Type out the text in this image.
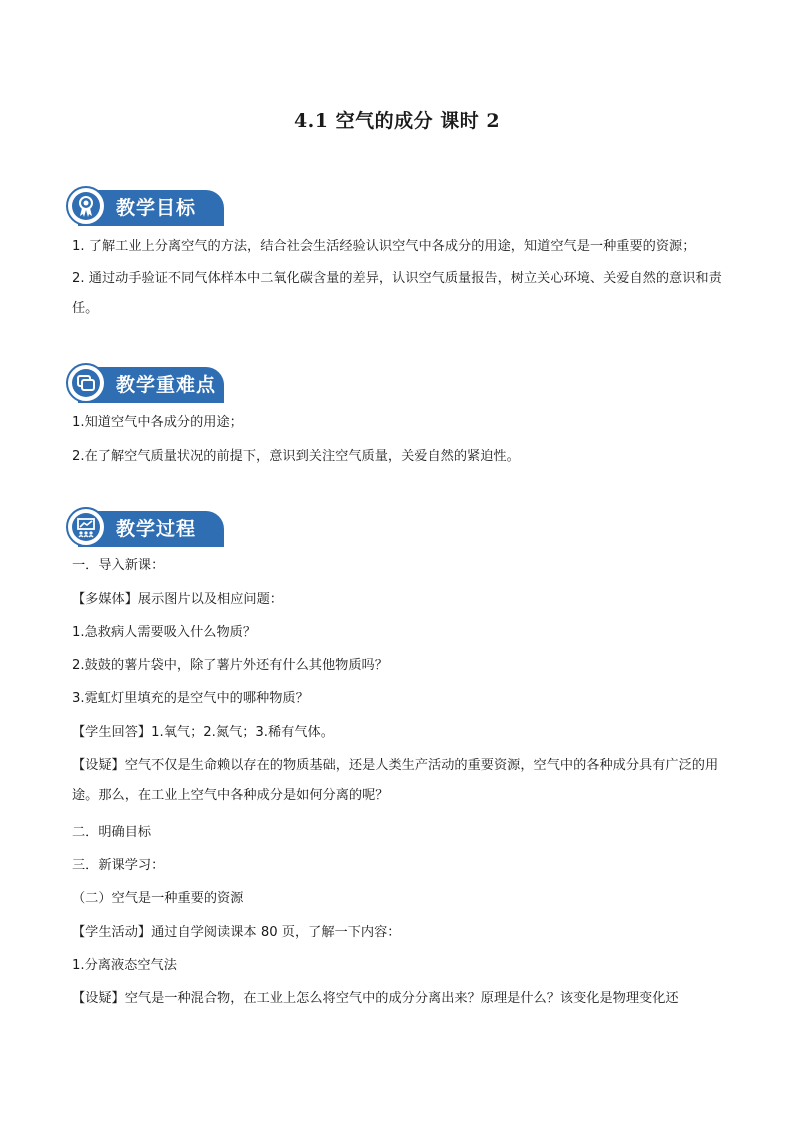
4.1 空气的成分 课时 2
教学目标

1. 了解工业上分离空气的方法，结合社会生活经验认识空气中各成分的用途，知道空气是一种重要的资源；

2. 通过动手验证不同气体样本中二氧化碳含量的差异，认识空气质量报告，树立关心环境、关爱自然的意识和责任。

教学重难点

1.知道空气中各成分的用途；

2.在了解空气质量状况的前提下，意识到关注空气质量，关爱自然的紧迫性。

教学过程

一．导入新课：

【多媒体】展示图片以及相应问题：

1.急救病人需要吸入什么物质？

2.鼓鼓的薯片袋中，除了薯片外还有什么其他物质吗？

3.霓虹灯里填充的是空气中的哪种物质？

【学生回答】1.氧气；2.氮气；3.稀有气体。

【设疑】空气不仅是生命赖以存在的物质基础，还是人类生产活动的重要资源，空气中的各种成分具有广泛的用途。那么，在工业上空气中各种成分是如何分离的呢？

二．明确目标

三．新课学习：

（二）空气是一种重要的资源

【学生活动】通过自学阅读课本 80 页，了解一下内容：

1.分离液态空气法

【设疑】空气是一种混合物，在工业上怎么将空气中的成分分离出来？原理是什么？该变化是物理变化还
